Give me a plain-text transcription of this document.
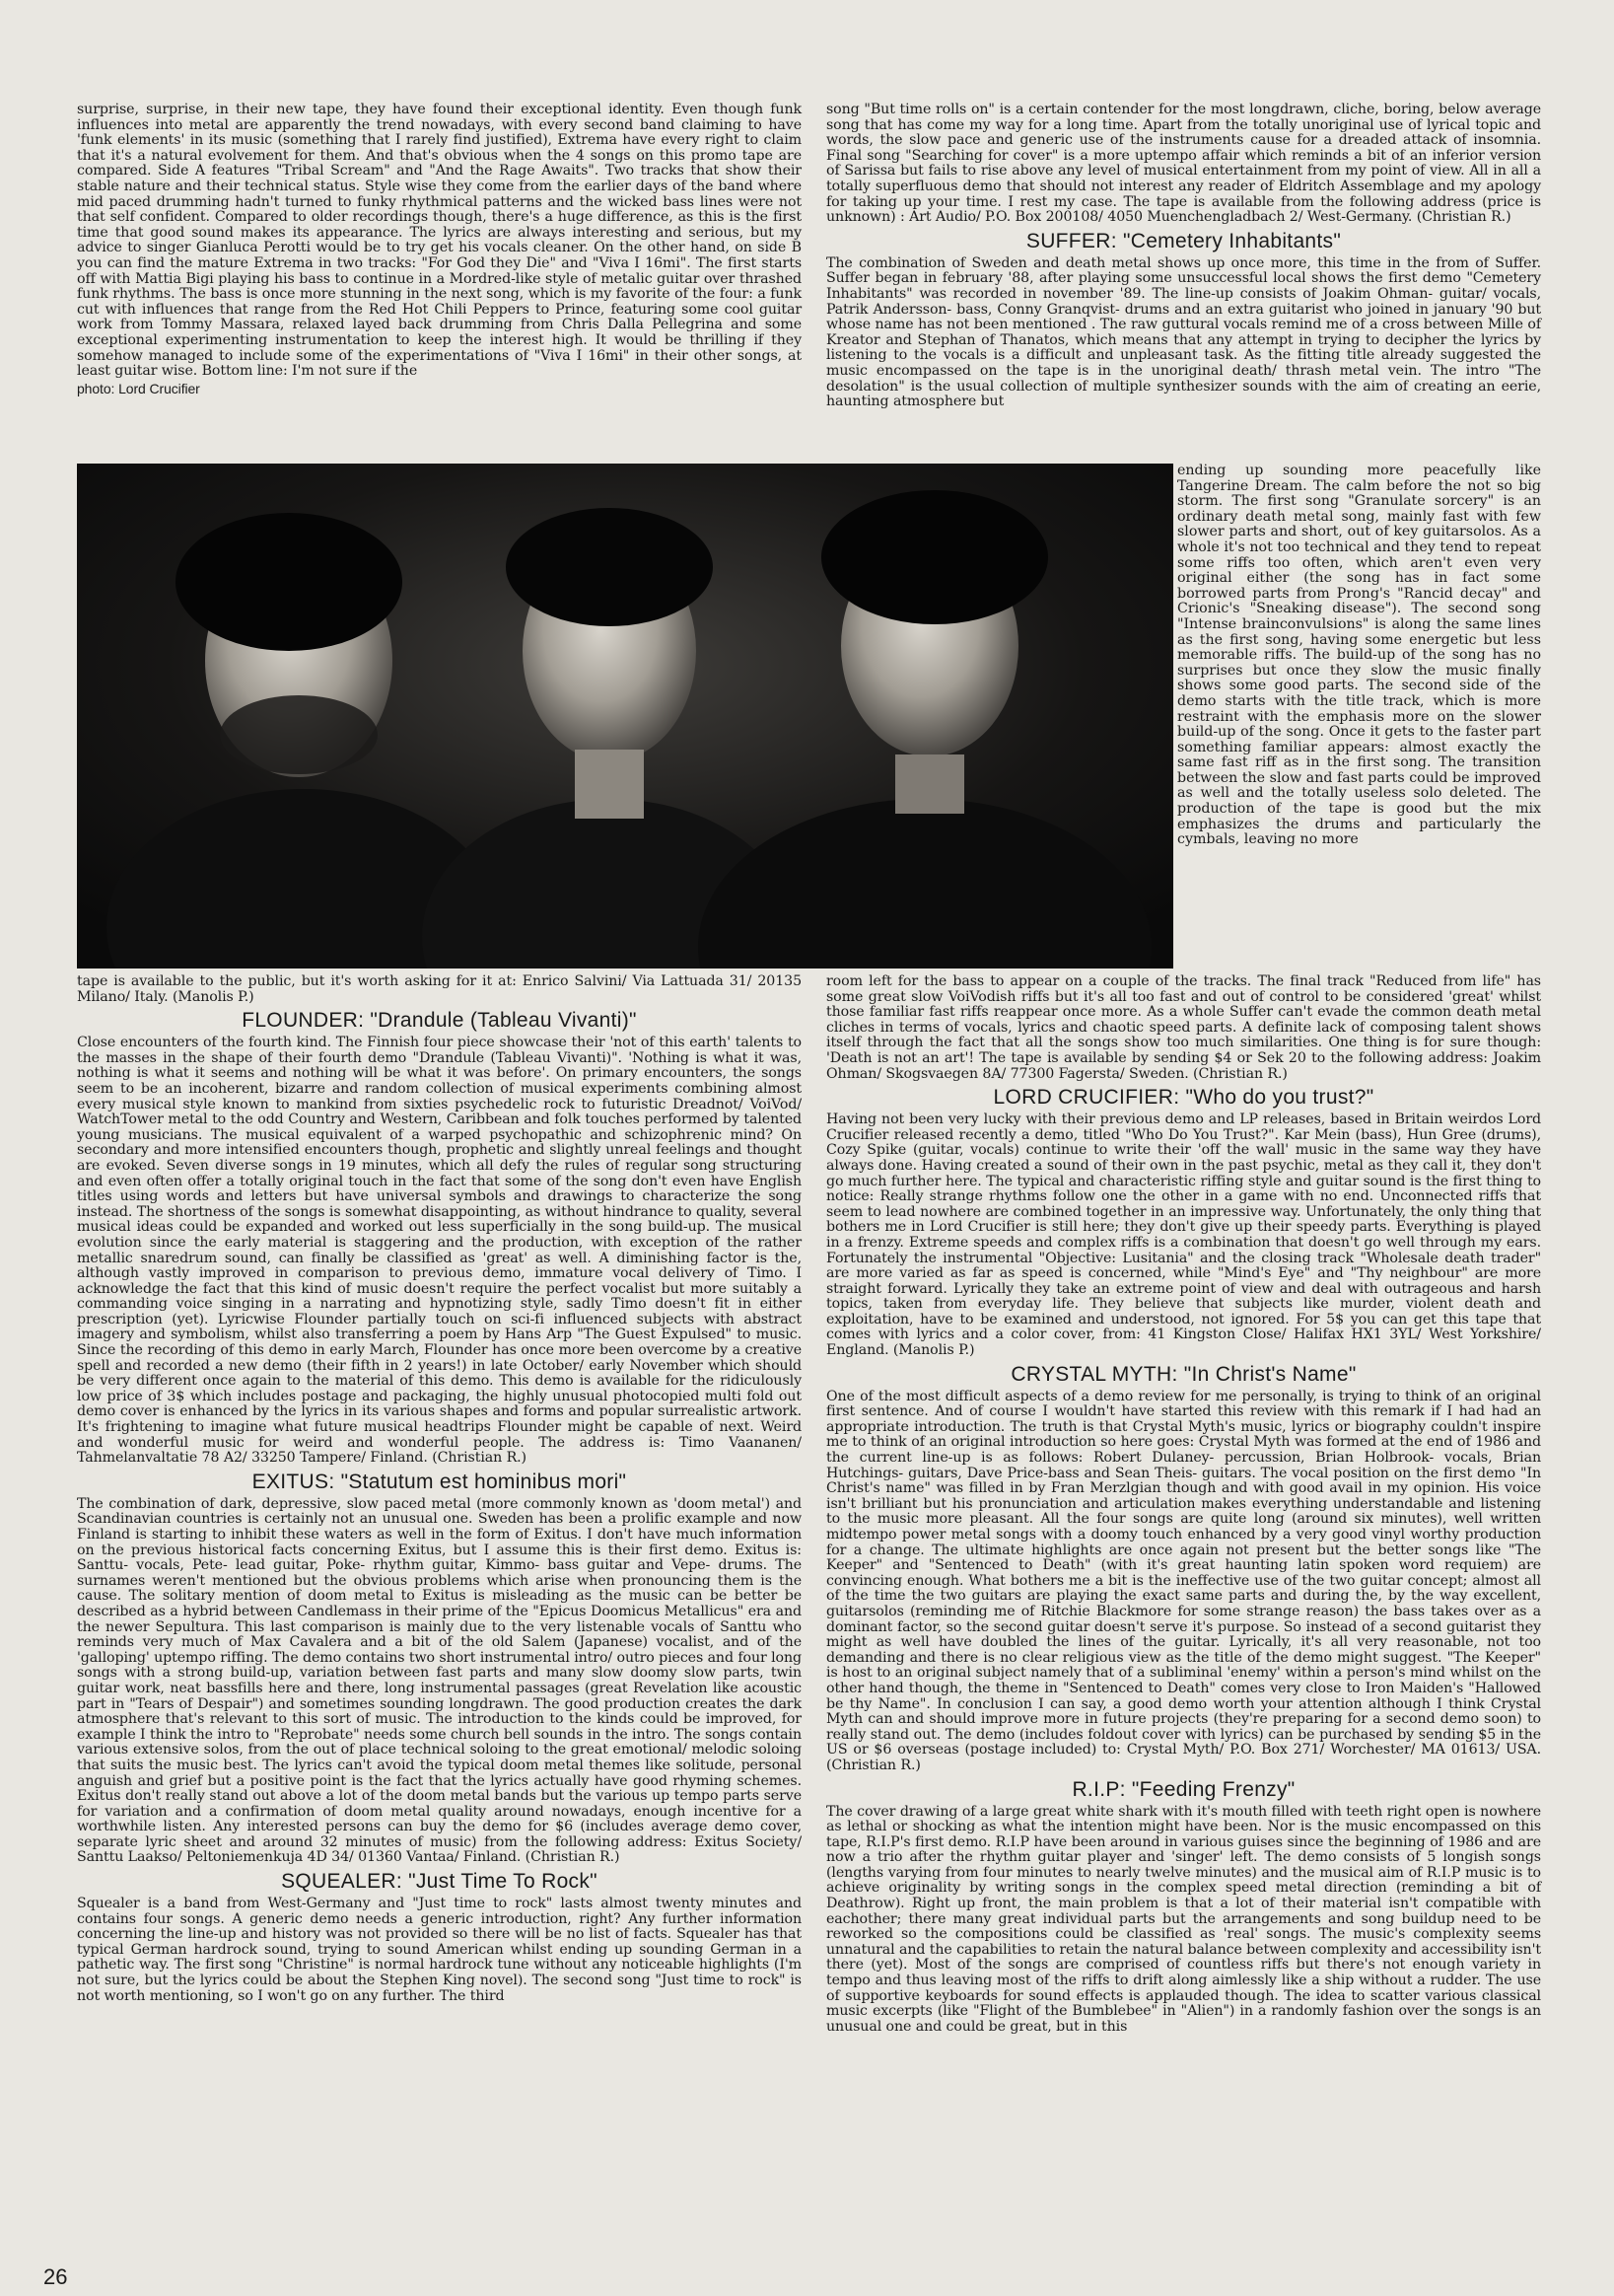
surprise, surprise, in their new tape, they have found their exceptional identity. Even though funk influences into metal are apparently the trend nowadays, with every second band claiming to have 'funk elements' in its music (something that I rarely find justified), Extrema have every right to claim that it's a natural evolvement for them. And that's obvious when the 4 songs on this promo tape are compared. Side A features "Tribal Scream" and "And the Rage Awaits". Two tracks that show their stable nature and their technical status. Style wise they come from the earlier days of the band where mid paced drumming hadn't turned to funky rhythmical patterns and the wicked bass lines were not that self confident. Compared to older recordings though, there's a huge difference, as this is the first time that good sound makes its appearance. The lyrics are always interesting and serious, but my advice to singer Gianluca Perotti would be to try get his vocals cleaner. On the other hand, on side B you can find the mature Extrema in two tracks: "For God they Die" and "Viva I 16mi". The first starts off with Mattia Bigi playing his bass to continue in a Mordred-like style of metalic guitar over thrashed funk rhythms. The bass is once more stunning in the next song, which is my favorite of the four: a funk cut with influences that range from the Red Hot Chili Peppers to Prince, featuring some cool guitar work from Tommy Massara, relaxed layed back drumming from Chris Dalla Pellegrina and some exceptional experimenting instrumentation to keep the interest high. It would be thrilling if they somehow managed to include some of the experimentations of "Viva I 16mi" in their other songs, at least guitar wise. Bottom line: I'm not sure if the

photo: Lord Crucifier

song "But time rolls on" is a certain contender for the most longdrawn, cliche, boring, below average song that has come my way for a long time. Apart from the totally unoriginal use of lyrical topic and words, the slow pace and generic use of the instruments cause for a dreaded attack of insomnia. Final song "Searching for cover" is a more uptempo affair which reminds a bit of an inferior version of Sarissa but fails to rise above any level of musical entertainment from my point of view. All in all a totally superfluous demo that should not interest any reader of Eldritch Assemblage and my apology for taking up your time. I rest my case. The tape is available from the following address (price is unknown) : Art Audio/ P.O. Box 200108/ 4050 Muenchengladbach 2/ West-Germany. (Christian R.)

SUFFER: "Cemetery Inhabitants"

The combination of Sweden and death metal shows up once more, this time in the from of Suffer. Suffer began in february '88, after playing some unsuccessful local shows the first demo "Cemetery Inhabitants" was recorded in november '89. The line-up consists of Joakim Ohman- guitar/ vocals, Patrik Andersson- bass, Conny Granqvist- drums and an extra guitarist who joined in january '90 but whose name has not been mentioned . The raw guttural vocals remind me of a cross between Mille of Kreator and Stephan of Thanatos, which means that any attempt in trying to decipher the lyrics by listening to the vocals is a difficult and unpleasant task. As the fitting title already suggested the music encompassed on the tape is in the unoriginal death/ thrash metal vein. The intro "The desolation" is the usual collection of multiple synthesizer sounds with the aim of creating an eerie, haunting atmosphere but

ending up sounding more peacefully like Tangerine Dream. The calm before the not so big storm. The first song "Granulate sorcery" is an ordinary death metal song, mainly fast with few slower parts and short, out of key guitarsolos. As a whole it's not too technical and they tend to repeat some riffs too often, which aren't even very original either (the song has in fact some borrowed parts from Prong's "Rancid decay" and Crionic's "Sneaking disease"). The second song "Intense brainconvulsions" is along the same lines as the first song, having some energetic but less memorable riffs. The build-up of the song has no surprises but once they slow the music finally shows some good parts. The second side of the demo starts with the title track, which is more restraint with the emphasis more on the slower build-up of the song. Once it gets to the faster part something familiar appears: almost exactly the same fast riff as in the first song. The transition between the slow and fast parts could be improved as well and the totally useless solo deleted. The production of the tape is good but the mix emphasizes the drums and particularly the cymbals, leaving no more

tape is available to the public, but it's worth asking for it at: Enrico Salvini/ Via Lattuada 31/ 20135 Milano/ Italy. (Manolis P.)

FLOUNDER: "Drandule (Tableau Vivanti)"

Close encounters of the fourth kind. The Finnish four piece showcase their 'not of this earth' talents to the masses in the shape of their fourth demo "Drandule (Tableau Vivanti)". 'Nothing is what it was, nothing is what it seems and nothing will be what it was before'. On primary encounters, the songs seem to be an incoherent, bizarre and random collection of musical experiments combining almost every musical style known to mankind from sixties psychedelic rock to futuristic Dreadnot/ VoiVod/ WatchTower metal to the odd Country and Western, Caribbean and folk touches performed by talented young musicians. The musical equivalent of a warped psychopathic and schizophrenic mind? On secondary and more intensified encounters though, prophetic and slightly unreal feelings and thought are evoked. Seven diverse songs in 19 minutes, which all defy the rules of regular song structuring and even often offer a totally original touch in the fact that some of the song don't even have English titles using words and letters but have universal symbols and drawings to characterize the song instead. The shortness of the songs is somewhat disappointing, as without hindrance to quality, several musical ideas could be expanded and worked out less superficially in the song build-up. The musical evolution since the early material is staggering and the production, with exception of the rather metallic snaredrum sound, can finally be classified as 'great' as well. A diminishing factor is the, although vastly improved in comparison to previous demo, immature vocal delivery of Timo. I acknowledge the fact that this kind of music doesn't require the perfect vocalist but more suitably a commanding voice singing in a narrating and hypnotizing style, sadly Timo doesn't fit in either prescription (yet). Lyricwise Flounder partially touch on sci-fi influenced subjects with abstract imagery and symbolism, whilst also transferring a poem by Hans Arp "The Guest Expulsed" to music. Since the recording of this demo in early March, Flounder has once more been overcome by a creative spell and recorded a new demo (their fifth in 2 years!) in late October/ early November which should be very different once again to the material of this demo. This demo is available for the ridiculously low price of 3$ which includes postage and packaging, the highly unusual photocopied multi fold out demo cover is enhanced by the lyrics in its various shapes and forms and popular surrealistic artwork. It's frightening to imagine what future musical headtrips Flounder might be capable of next. Weird and wonderful music for weird and wonderful people. The address is: Timo Vaananen/ Tahmelanvaltatie 78 A2/ 33250 Tampere/ Finland. (Christian R.)

EXITUS: "Statutum est hominibus mori"

The combination of dark, depressive, slow paced metal (more commonly known as 'doom metal') and Scandinavian countries is certainly not an unusual one. Sweden has been a prolific example and now Finland is starting to inhibit these waters as well in the form of Exitus. I don't have much information on the previous historical facts concerning Exitus, but I assume this is their first demo. Exitus is: Santtu- vocals, Pete- lead guitar, Poke- rhythm guitar, Kimmo- bass guitar and Vepe- drums. The surnames weren't mentioned but the obvious problems which arise when pronouncing them is the cause. The solitary mention of doom metal to Exitus is misleading as the music can be better be described as a hybrid between Candlemass in their prime of the "Epicus Doomicus Metallicus" era and the newer Sepultura. This last comparison is mainly due to the very listenable vocals of Santtu who reminds very much of Max Cavalera and a bit of the old Salem (Japanese) vocalist, and of the 'galloping' uptempo riffing. The demo contains two short instrumental intro/ outro pieces and four long songs with a strong build-up, variation between fast parts and many slow doomy slow parts, twin guitar work, neat bassfills here and there, long instrumental passages (great Revelation like acoustic part in "Tears of Despair") and sometimes sounding longdrawn. The good production creates the dark atmosphere that's relevant to this sort of music. The introduction to the kinds could be improved, for example I think the intro to "Reprobate" needs some church bell sounds in the intro. The songs contain various extensive solos, from the out of place technical soloing to the great emotional/ melodic soloing that suits the music best. The lyrics can't avoid the typical doom metal themes like solitude, personal anguish and grief but a positive point is the fact that the lyrics actually have good rhyming schemes. Exitus don't really stand out above a lot of the doom metal bands but the various up tempo parts serve for variation and a confirmation of doom metal quality around nowadays, enough incentive for a worthwhile listen. Any interested persons can buy the demo for $6 (includes average demo cover, separate lyric sheet and around 32 minutes of music) from the following address: Exitus Society/ Santtu Laakso/ Peltoniemenkuja 4D 34/ 01360 Vantaa/ Finland. (Christian R.)

SQUEALER: "Just Time To Rock"

Squealer is a band from West-Germany and "Just time to rock" lasts almost twenty minutes and contains four songs. A generic demo needs a generic introduction, right? Any further information concerning the line-up and history was not provided so there will be no list of facts. Squealer has that typical German hardrock sound, trying to sound American whilst ending up sounding German in a pathetic way. The first song "Christine" is normal hardrock tune without any noticeable highlights (I'm not sure, but the lyrics could be about the Stephen King novel). The second song "Just time to rock" is not worth mentioning, so I won't go on any further. The third

room left for the bass to appear on a couple of the tracks. The final track "Reduced from life" has some great slow VoiVodish riffs but it's all too fast and out of control to be considered 'great' whilst those familiar fast riffs reappear once more. As a whole Suffer can't evade the common death metal cliches in terms of vocals, lyrics and chaotic speed parts. A definite lack of composing talent shows itself through the fact that all the songs show too much similarities. One thing is for sure though: 'Death is not an art'! The tape is available by sending $4 or Sek 20 to the following address: Joakim Ohman/ Skogsvaegen 8A/ 77300 Fagersta/ Sweden. (Christian R.)

LORD CRUCIFIER: "Who do you trust?"

Having not been very lucky with their previous demo and LP releases, based in Britain weirdos Lord Crucifier released recently a demo, titled "Who Do You Trust?". Kar Mein (bass), Hun Gree (drums), Cozy Spike (guitar, vocals) continue to write their 'off the wall' music in the same way they have always done. Having created a sound of their own in the past psychic, metal as they call it, they don't go much further here. The typical and characteristic riffing style and guitar sound is the first thing to notice: Really strange rhythms follow one the other in a game with no end. Unconnected riffs that seem to lead nowhere are combined together in an impressive way. Unfortunately, the only thing that bothers me in Lord Crucifier is still here; they don't give up their speedy parts. Everything is played in a frenzy. Extreme speeds and complex riffs is a combination that doesn't go well through my ears. Fortunately the instrumental "Objective: Lusitania" and the closing track "Wholesale death trader" are more varied as far as speed is concerned, while "Mind's Eye" and "Thy neighbour" are more straight forward. Lyrically they take an extreme point of view and deal with outrageous and harsh topics, taken from everyday life. They believe that subjects like murder, violent death and exploitation, have to be examined and understood, not ignored. For 5$ you can get this tape that comes with lyrics and a color cover, from: 41 Kingston Close/ Halifax HX1 3YL/ West Yorkshire/ England. (Manolis P.)

CRYSTAL MYTH: "In Christ's Name"

One of the most difficult aspects of a demo review for me personally, is trying to think of an original first sentence. And of course I wouldn't have started this review with this remark if I had had an appropriate introduction. The truth is that Crystal Myth's music, lyrics or biography couldn't inspire me to think of an original introduction so here goes: Crystal Myth was formed at the end of 1986 and the current line-up is as follows: Robert Dulaney- percussion, Brian Holbrook- vocals, Brian Hutchings- guitars, Dave Price-bass and Sean Theis- guitars. The vocal position on the first demo "In Christ's name" was filled in by Fran Merzlgian though and with good avail in my opinion. His voice isn't brilliant but his pronunciation and articulation makes everything understandable and listening to the music more pleasant. All the four songs are quite long (around six minutes), well written midtempo power metal songs with a doomy touch enhanced by a very good vinyl worthy production for a change. The ultimate highlights are once again not present but the better songs like "The Keeper" and "Sentenced to Death" (with it's great haunting latin spoken word requiem) are convincing enough. What bothers me a bit is the ineffective use of the two guitar concept; almost all of the time the two guitars are playing the exact same parts and during the, by the way excellent, guitarsolos (reminding me of Ritchie Blackmore for some strange reason) the bass takes over as a dominant factor, so the second guitar doesn't serve it's purpose. So instead of a second guitarist they might as well have doubled the lines of the guitar. Lyrically, it's all very reasonable, not too demanding and there is no clear religious view as the title of the demo might suggest. "The Keeper" is host to an original subject namely that of a subliminal 'enemy' within a person's mind whilst on the other hand though, the theme in "Sentenced to Death" comes very close to Iron Maiden's "Hallowed be thy Name". In conclusion I can say, a good demo worth your attention although I think Crystal Myth can and should improve more in future projects (they're preparing for a second demo soon) to really stand out. The demo (includes foldout cover with lyrics) can be purchased by sending $5 in the US or $6 overseas (postage included) to: Crystal Myth/ P.O. Box 271/ Worchester/ MA 01613/ USA. (Christian R.)

R.I.P: "Feeding Frenzy"

The cover drawing of a large great white shark with it's mouth filled with teeth right open is nowhere as lethal or shocking as what the intention might have been. Nor is the music encompassed on this tape, R.I.P's first demo. R.I.P have been around in various guises since the beginning of 1986 and are now a trio after the rhythm guitar player and 'singer' left. The demo consists of 5 longish songs (lengths varying from four minutes to nearly twelve minutes) and the musical aim of R.I.P music is to achieve originality by writing songs in the complex speed metal direction (reminding a bit of Deathrow). Right up front, the main problem is that a lot of their material isn't compatible with eachother; there many great individual parts but the arrangements and song buildup need to be reworked so the compositions could be classified as 'real' songs. The music's complexity seems unnatural and the capabilities to retain the natural balance between complexity and accessibility isn't there (yet). Most of the songs are comprised of countless riffs but there's not enough variety in tempo and thus leaving most of the riffs to drift along aimlessly like a ship without a rudder. The use of supportive keyboards for sound effects is applauded though. The idea to scatter various classical music excerpts (like "Flight of the Bumblebee" in "Alien") in a randomly fashion over the songs is an unusual one and could be great, but in this

26
